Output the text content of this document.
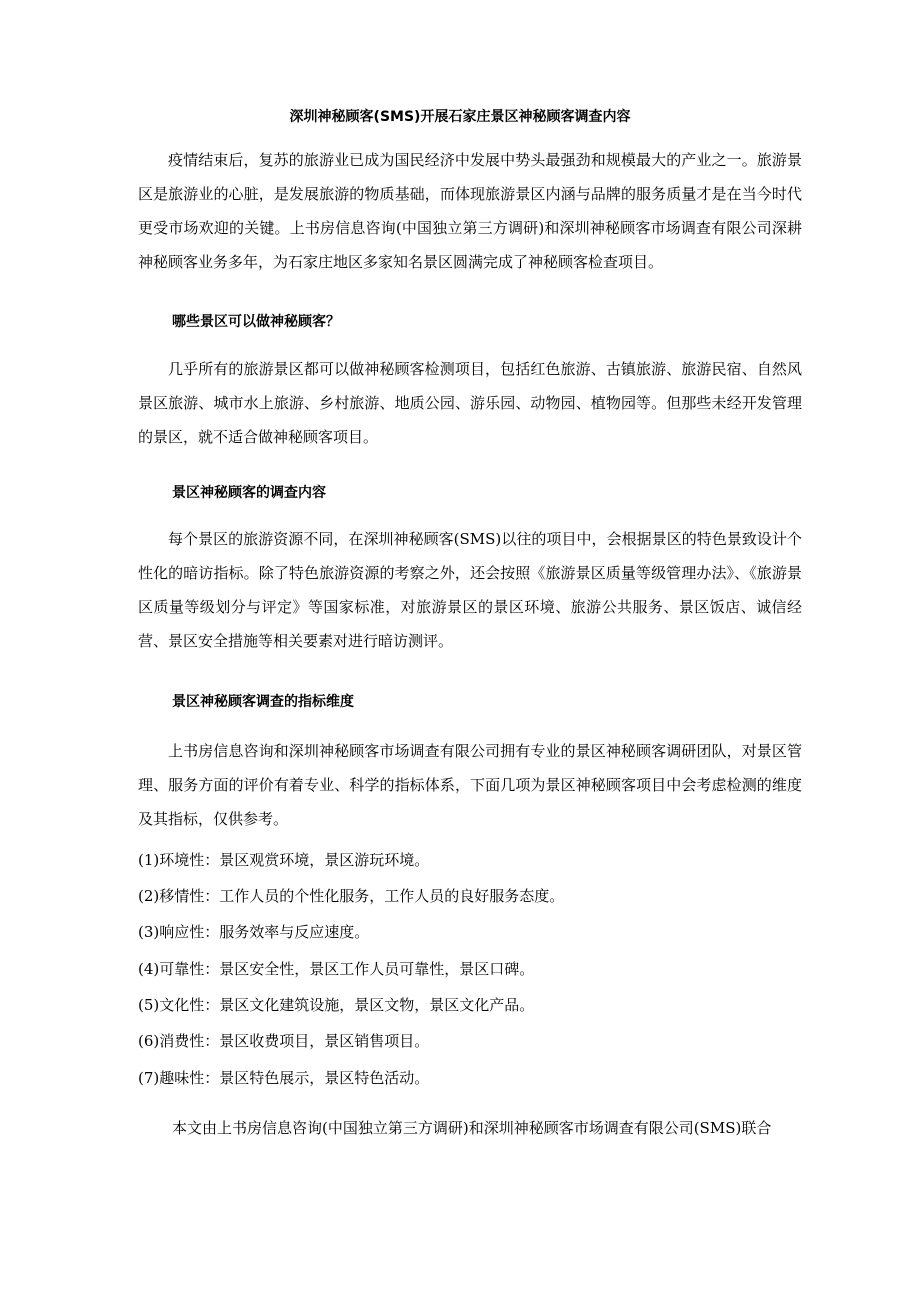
深圳神秘顾客(SMS)开展石家庄景区神秘顾客调查内容

疫情结束后，复苏的旅游业已成为国民经济中发展中势头最强劲和规模最大的产业之一。旅游景区是旅游业的心脏，是发展旅游的物质基础，而体现旅游景区内涵与品牌的服务质量才是在当今时代更受市场欢迎的关键。上书房信息咨询(中国独立第三方调研)和深圳神秘顾客市场调查有限公司深耕神秘顾客业务多年，为石家庄地区多家知名景区圆满完成了神秘顾客检查项目。

哪些景区可以做神秘顾客？

几乎所有的旅游景区都可以做神秘顾客检测项目，包括红色旅游、古镇旅游、旅游民宿、自然风景区旅游、城市水上旅游、乡村旅游、地质公园、游乐园、动物园、植物园等。但那些未经开发管理的景区，就不适合做神秘顾客项目。

景区神秘顾客的调查内容

每个景区的旅游资源不同，在深圳神秘顾客(SMS)以往的项目中，会根据景区的特色景致设计个性化的暗访指标。除了特色旅游资源的考察之外，还会按照《旅游景区质量等级管理办法》、《旅游景区质量等级划分与评定》等国家标准，对旅游景区的景区环境、旅游公共服务、景区饭店、诚信经营、景区安全措施等相关要素对进行暗访测评。

景区神秘顾客调查的指标维度

上书房信息咨询和深圳神秘顾客市场调查有限公司拥有专业的景区神秘顾客调研团队，对景区管理、服务方面的评价有着专业、科学的指标体系，下面几项为景区神秘顾客项目中会考虑检测的维度及其指标，仅供参考。

(1)环境性：景区观赏环境，景区游玩环境。
(2)移情性：工作人员的个性化服务，工作人员的良好服务态度。
(3)响应性：服务效率与反应速度。
(4)可靠性：景区安全性，景区工作人员可靠性，景区口碑。
(5)文化性：景区文化建筑设施，景区文物，景区文化产品。
(6)消费性：景区收费项目，景区销售项目。
(7)趣味性：景区特色展示，景区特色活动。
本文由上书房信息咨询(中国独立第三方调研)和深圳神秘顾客市场调查有限公司(SMS)联合
